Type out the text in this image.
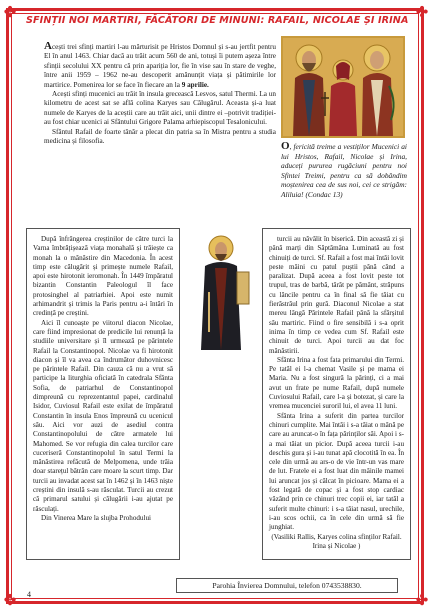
✤	✤
✤	✤
SFINȚII NOI MARTIRI, FĂCĂTORI DE MINUNI: RAFAIL, NICOLAE ȘI IRINA

Acești trei sfinți martiri l-au mărturisit pe Hristos Domnul și s-au jertfit pentru El în anul 1463. Chiar dacă au trăit acum 560 de ani, totuși îi putem așeza între sfinții secolului XX pentru că prin apariția lor, fie în vise sau în stare de veghe, între anii 1959 – 1962 ne-au descoperit amănunțit viața și pătimirile lor martirice. Pomenirea lor se face în fiecare an la 9 aprilie.

Acești sfinți mucenici au trăit în insula grecească Lesvos, satul Thermi. La un kilometru de acest sat se află colina Karyes sau Călugărul. Aceasta și-a luat numele de Karyes de la aceștii care au trăit aici, unii dintre ei –potrivit tradiției- au fost chiar ucenici ai Sfântului Grigore Palama arhiepiscopul Tesalonicului.

Sfântul Rafail de foarte tânăr a plecat din patria sa în Mistra pentru a studia medicina și filosofia.	O, fericită treime a vestiților Mucenici ai lui Hristos, Rafail, Nicolae și Irina, aduceți pururea rugăciuni pentru noi Sfintei Treimi, pentru ca să dobândim moștenirea cea de sus noi, cei ce strigăm: Aliluia! (Condac 13)

După înfrângerea creștinilor de către turci la Varna îmbrățișează viața monahală și trăiește ca monah la o mănăstire din Macedonia. În acest timp este călugărit și primește numele Rafail, apoi este hirotonit ieromonah. În 1449 împăratul bizantin Constantin Paleologul îl face protosinghel al patriarhiei. Apoi este numit arhimandrit și trimis la Paris pentru a-i întări în credință pe creștini.

Aici îl cunoaște pe viitorul diacon Nicolae, care fiind impresionat de predicile lui renunță la studiile universitare și îl urmează pe părintele Rafail la Constantinopol. Nicolae va fi hirotonit diacon și îl va avea ca îndrumător duhovnicesc pe părintele Rafail. Din cauza că nu a vrut să participe la liturghia oficiată în catedrala Sfânta Sofia, de patriarhul de Constantinopol dimpreună cu reprezentantul papei, cardinalul Isidor, Cuviosul Rafail este exilat de împăratul Constantin în insula Enos împreună cu ucenicul său. Aici vor auzi de asediul contra Constantinopolului de către armatele lui Mahomed. Se vor refugia din calea turcilor care cuceriseră Constantinopolul în satul Termi la mănăstirea refăcută de Melpomena, unde trăia doar starețul bătrân care moare la scurt timp. Dar turcii au invadat acest sat în 1462 și în 1463 niște creștini din insulă s-au răsculat. Turcii au crezut că primarul satului și călugării i-au ajutat pe răsculați.

Din Vinerea Mare la slujba Prohodului

turcii au năvălit în biserică. Din această zi și până marți din Săptămâna Luminată au fost chinuiți de turci. Sf. Rafail a fost mai întâi lovit peste mâini cu patul puștii până când a paralizat. După aceea a fost lovit peste tot trupul, tras de barbă, târât pe pământ, străpuns cu lăncile pentru ca în final să fie tăiat cu fierăstrăul prin gură. Diaconul Nicolae a stat mereu lângă Părintele Rafail până la sfârșitul său martiric. Fiind o fire sensibilă i s-a oprit inima în timp ce vedea cum Sf. Rafail este chinuit de turci. Apoi turcii au dat foc mănăstirii.

Sfânta Irina a fost fata primarului din Termi. Pe tatăl ei l-a chemat Vasile și pe mama ei Maria. Nu a fost singură la părinți, ci a mai avut un frate pe nume Rafail, după numele Cuviosului Rafail, care l-a și botezat, și care la vremea mucenciei suroril lui, el avea 11 luni.

Sfânta Irina a suferit din partea turcilor chinuri cumplite. Mai întâi i s-a tăiat o mână pe care au aruncat-o în fața părinților săi. Apoi i s-a mai tăiat un picior. După aceea turcii i-au deschis gura și i-au tunat apă clocotită în ea. În cele din urmă au ars-o de vie într-un vas mare de lut. Fratele ei a fost luat din mâinile mamei lui aruncat jos și călcat în picioare. Mama ei a fost legată de copac și a fost stop cardiac văzând prin ce chinuri trec copii ei, iar tatăl a suferit multe chinuri: i s-a tăiat nasul, urechile, i-au scos ochii, ca în cele din urmă să fie junghiat.

(Vasiliki Rallis, Karyes colina sfinților Rafail. Irina și Nicolae )

Parohia Învierea Domnului, telefon 0743538830.
4
